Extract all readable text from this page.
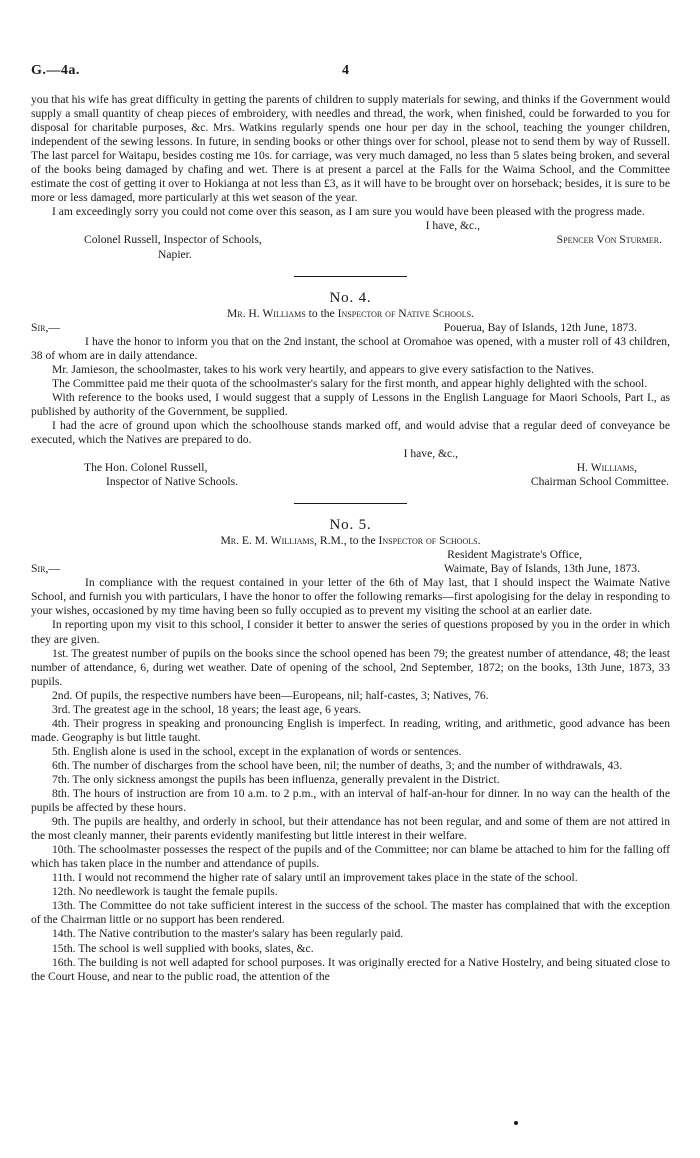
G.—4a.	4

you that his wife has great difficulty in getting the parents of children to supply materials for sewing, and thinks if the Government would supply a small quantity of cheap pieces of embroidery, with needles and thread, the work, when finished, could be forwarded to you for disposal for charitable purposes, &c. Mrs. Watkins regularly spends one hour per day in the school, teaching the younger children, independent of the sewing lessons. In future, in sending books or other things over for school, please not to send them by way of Russell. The last parcel for Waitapu, besides costing me 10s. for carriage, was very much damaged, no less than 5 slates being broken, and several of the books being damaged by chafing and wet. There is at present a parcel at the Falls for the Waima School, and the Committee estimate the cost of getting it over to Hokianga at not less than £3, as it will have to be brought over on horseback; besides, it is sure to be more or less damaged, more particularly at this wet season of the year.

I am exceedingly sorry you could not come over this season, as I am sure you would have been pleased with the progress made.

I have, &c.,
Colonel Russell, Inspector of Schools,	Spencer Von Sturmer.
Napier.
No. 4.
Mr. H. Williams to the Inspector of Native Schools.
Sir,—	Pouerua, Bay of Islands, 12th June, 1873.

I have the honor to inform you that on the 2nd instant, the school at Oromahoe was opened, with a muster roll of 43 children, 38 of whom are in daily attendance.

Mr. Jamieson, the schoolmaster, takes to his work very heartily, and appears to give every satisfaction to the Natives.

The Committee paid me their quota of the schoolmaster's salary for the first month, and appear highly delighted with the school.

With reference to the books used, I would suggest that a supply of Lessons in the English Language for Maori Schools, Part I., as published by authority of the Government, be supplied.

I had the acre of ground upon which the schoolhouse stands marked off, and would advise that a regular deed of conveyance be executed, which the Natives are prepared to do.

I have, &c.,
The Hon. Colonel Russell,	H. Williams,
Inspector of Native Schools.	Chairman School Committee.
No. 5.
Mr. E. M. Williams, R.M., to the Inspector of Schools.
Resident Magistrate's Office,
Sir,—	Waimate, Bay of Islands, 13th June, 1873.

In compliance with the request contained in your letter of the 6th of May last, that I should inspect the Waimate Native School, and furnish you with particulars, I have the honor to offer the following remarks—first apologising for the delay in responding to your wishes, occasioned by my time having been so fully occupied as to prevent my visiting the school at an earlier date.

In reporting upon my visit to this school, I consider it better to answer the series of questions proposed by you in the order in which they are given.

1st. The greatest number of pupils on the books since the school opened has been 79; the greatest number of attendance, 48; the least number of attendance, 6, during wet weather. Date of opening of the school, 2nd September, 1872; on the books, 13th June, 1873, 33 pupils.

2nd. Of pupils, the respective numbers have been—Europeans, nil; half-castes, 3; Natives, 76.

3rd. The greatest age in the school, 18 years; the least age, 6 years.

4th. Their progress in speaking and pronouncing English is imperfect. In reading, writing, and arithmetic, good advance has been made. Geography is but little taught.

5th. English alone is used in the school, except in the explanation of words or sentences.

6th. The number of discharges from the school have been, nil; the number of deaths, 3; and the number of withdrawals, 43.

7th. The only sickness amongst the pupils has been influenza, generally prevalent in the District.

8th. The hours of instruction are from 10 a.m. to 2 p.m., with an interval of half-an-hour for dinner. In no way can the health of the pupils be affected by these hours.

9th. The pupils are healthy, and orderly in school, but their attendance has not been regular, and and some of them are not attired in the most cleanly manner, their parents evidently manifesting but little interest in their welfare.

10th. The schoolmaster possesses the respect of the pupils and of the Committee; nor can blame be attached to him for the falling off which has taken place in the number and attendance of pupils.

11th. I would not recommend the higher rate of salary until an improvement takes place in the state of the school.

12th. No needlework is taught the female pupils.

13th. The Committee do not take sufficient interest in the success of the school. The master has complained that with the exception of the Chairman little or no support has been rendered.

14th. The Native contribution to the master's salary has been regularly paid.

15th. The school is well supplied with books, slates, &c.

16th. The building is not well adapted for school purposes. It was originally erected for a Native Hostelry, and being situated close to the Court House, and near to the public road, the attention of the
